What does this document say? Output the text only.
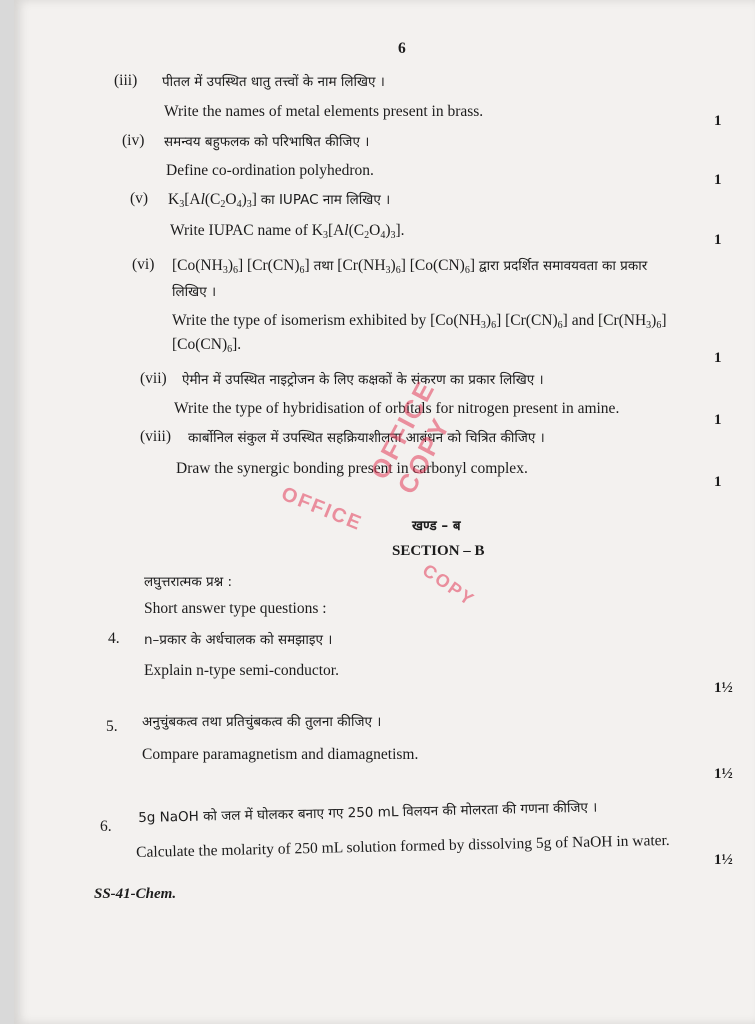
6
(iii) पीतल में उपस्थित धातु तत्त्वों के नाम लिखिए ।
Write the names of metal elements present in brass.
1
(iv) समन्वय बहुफलक को परिभाषित कीजिए ।
Define co-ordination polyhedron.
1
(v) $K_3[Al(C_2O_4)_3]$ का IUPAC नाम लिखिए ।
Write IUPAC name of $K_3[Al(C_2O_4)_3]$.
1
(vi) $[Co(NH_3)_6]$ $[Cr(CN)_6]$ तथा $[Cr(NH_3)_6]$ $[Co(CN)_6]$ द्वारा प्रदर्शित समावयवता का प्रकार
लिखिए ।
Write the type of isomerism exhibited by $[Co(NH_3)_6]$ $[Cr(CN)_6]$ and $[Cr(NH_3)_6]$
$[Co(CN)_6]$.
1
(vii) ऐमीन में उपस्थित नाइट्रोजन के लिए कक्षकों के संकरण का प्रकार लिखिए ।
Write the type of hybridisation of orbitals for nitrogen present in amine.
1
(viii) कार्बोनिल संकुल में उपस्थित सहक्रियाशीलता आबंधन को चित्रित कीजिए ।
Draw the synergic bonding present in carbonyl complex.
1
खण्ड – ब
SECTION – B
लघुत्तरात्मक प्रश्न :
Short answer type questions :
4. n–प्रकार के अर्धचालक को समझाइए ।
Explain n-type semi-conductor.
1½
5. अनुचुंबकत्व तथा प्रतिचुंबकत्व की तुलना कीजिए ।
Compare paramagnetism and diamagnetism.
1½
6.
5g NaOH को जल में घोलकर बनाए गए 250 mL विलयन की मोलरता की गणना कीजिए ।
Calculate the molarity of 250 mL solution formed by dissolving 5g of NaOH in water.	1½
OFFICE COPY
OFFICE
COPY
SS-41-Chem.
